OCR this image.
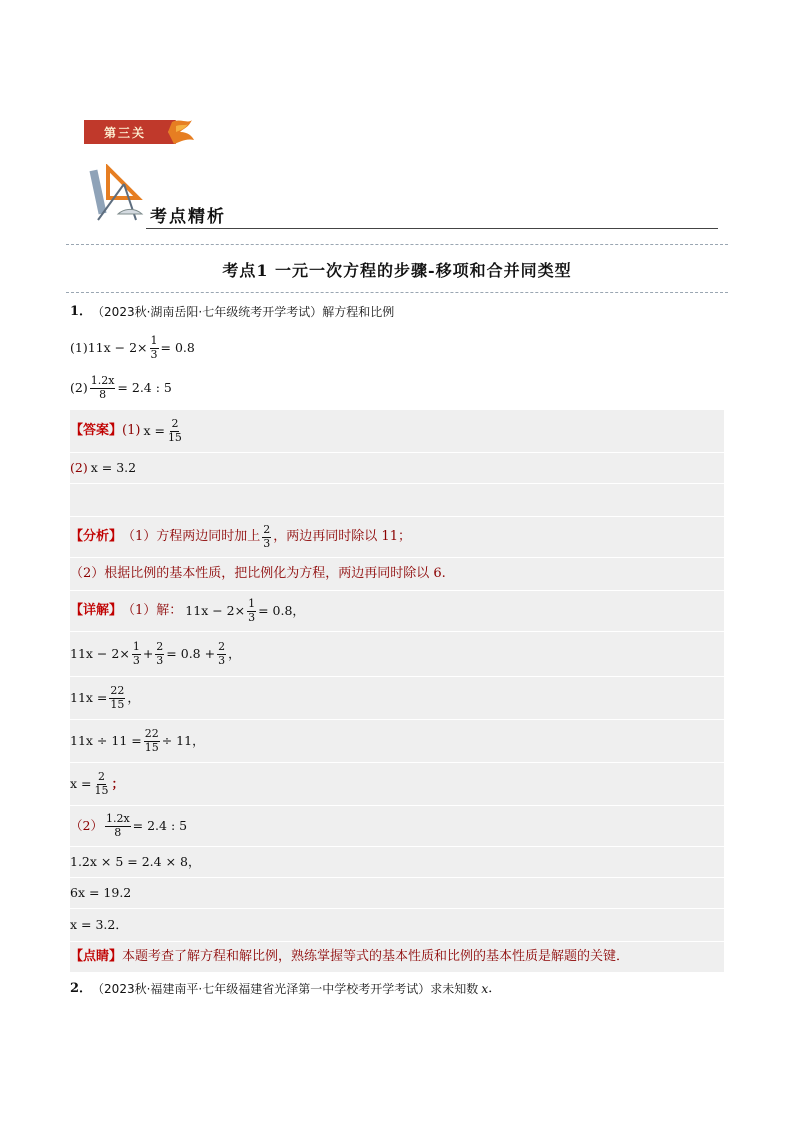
第三关
考点精析
考点1 一元一次方程的步骤-移项和合并同类型
1． （2023秋·湖南岳阳·七年级统考开学考试）解方程和比例
(1) $11x - 2\times \frac{1}{3} = 0.8$
$(2) \frac{1.2x}{8} = 2.4$ : 5
【答案】 (1) $x = \frac{2}{15}$
(2) x = 3.2
【分析】 （1）方程两边同时加上 $\frac{2}{3}$ ，两边再同时除以 11；
（2）根据比例的基本性质，把比例化为方程，两边再同时除以 6.
【详解】 （1）解： $11x - 2\times \frac{1}{3} = 0.8$，
$11x - 2\times \frac{1}{3} + \frac{2}{3} = 0.8 + \frac{2}{3}$ ，
$11x = \frac{22}{15}$ ，
$11x \div 11 = \frac{22}{15} \div 11$，
$x = \frac{2}{15}$ ；
$(2) \frac{1.2x}{8} = 2.4$ : 5
1.2x × 5 = 2.4 × 8，
6x = 19.2
x = 3.2．
【点睛】 本题考查了解方程和解比例，熟练掌握等式的基本性质和比例的基本性质是解题的关键．
2． （2023秋·福建南平·七年级福建省光泽第一中学校考开学考试）求未知数 x ．
